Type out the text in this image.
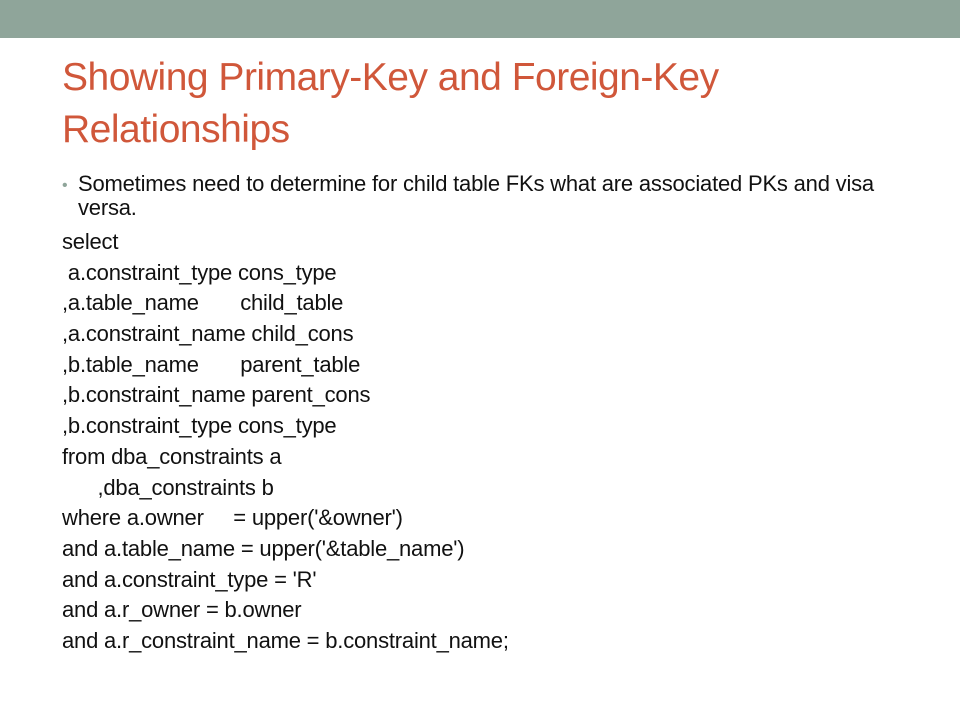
Showing Primary-Key and Foreign-Key Relationships
• Sometimes need to determine for child table FKs what are associated PKs and visa versa.
select
a.constraint_type cons_type
,a.table_name       child_table
,a.constraint_name child_cons
,b.table_name       parent_table
,b.constraint_name parent_cons
,b.constraint_type cons_type
from dba_constraints a
,dba_constraints b
where a.owner     = upper('&owner')
and a.table_name = upper('&table_name')
and a.constraint_type = 'R'
and a.r_owner = b.owner
and a.r_constraint_name = b.constraint_name;
